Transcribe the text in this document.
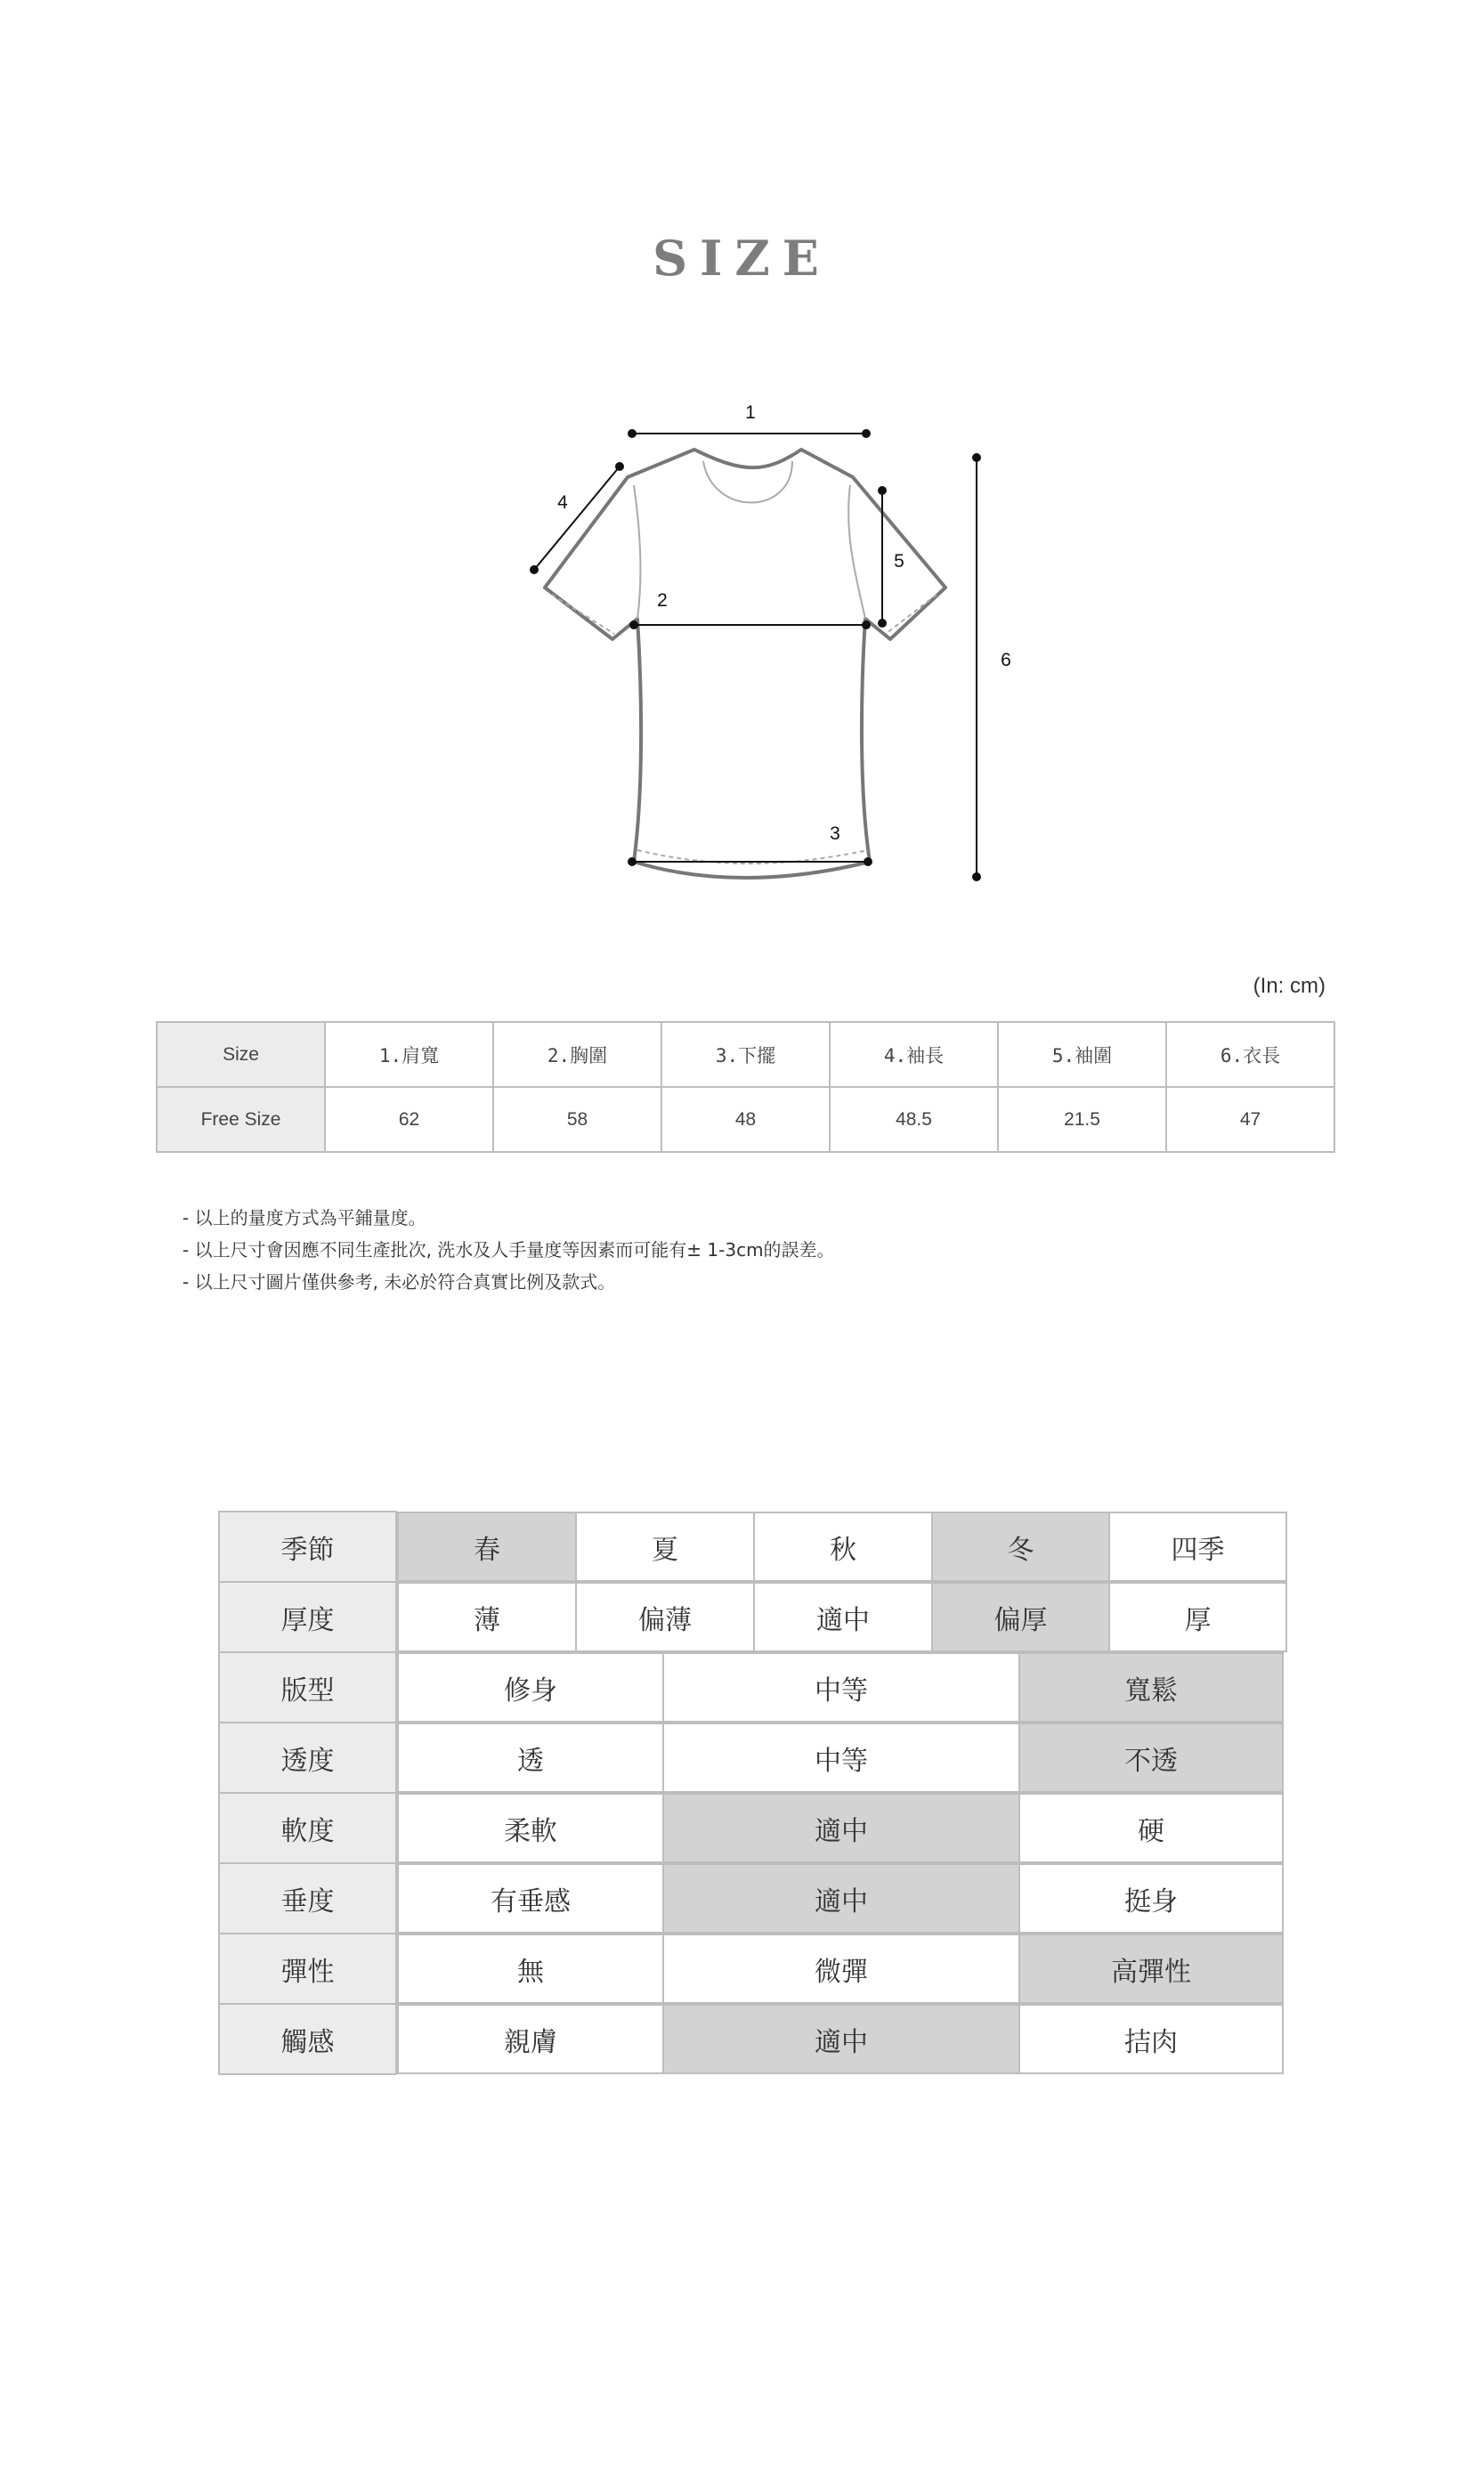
SIZE
1
2
3
4
5
6
(In: cm)
Size	1.肩寬	2.胸圍	3.下擺	4.袖長	5.袖圍	6.衣長
Free Size	62	58	48	48.5	21.5	47
- 以上的量度方式為平鋪量度。
- 以上尺寸會因應不同生產批次, 洗水及人手量度等因素而可能有± 1-3cm的誤差。
- 以上尺寸圖片僅供參考, 未必於符合真實比例及款式。
季節		春	夏	秋	冬	四季

厚度		薄	偏薄	適中	偏厚	厚

版型		修身	中等	寬鬆

透度		透	中等	不透

軟度		柔軟	適中	硬

垂度		有垂感	適中	挺身

彈性		無	微彈	高彈性

觸感		親膚	適中	拮肉
